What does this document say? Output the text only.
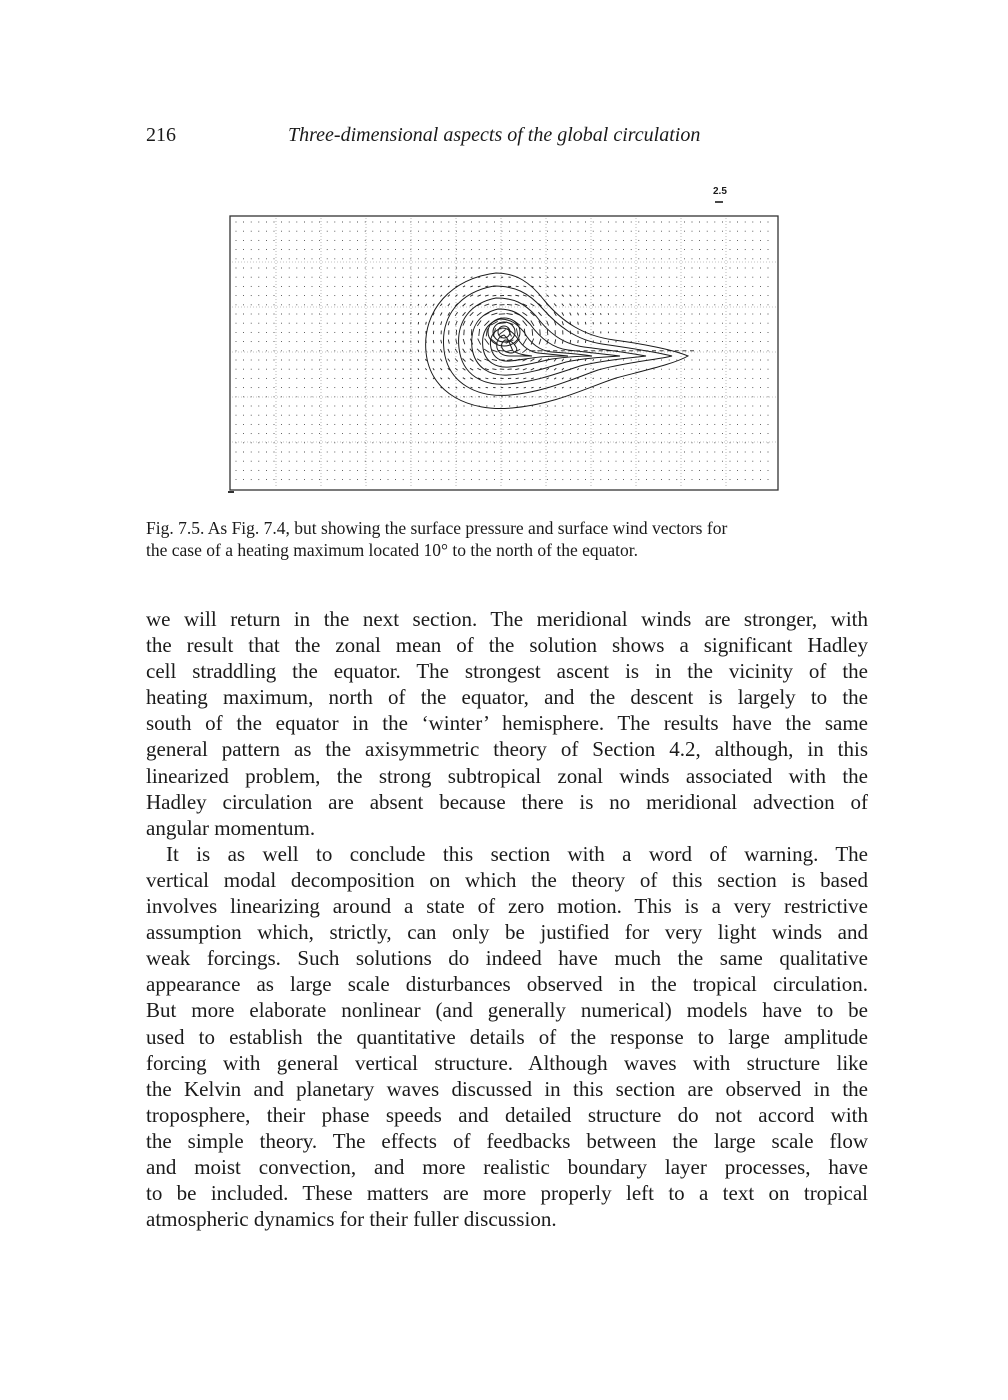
216	Three-dimensional aspects of the global circulation
2.5
Fig. 7.5. As Fig. 7.4, but showing the surface pressure and surface wind vectors for
the case of a heating maximum located 10° to the north of the equator.
we will return in the next section. The meridional winds are stronger, with
the result that the zonal mean of the solution shows a significant Hadley
cell straddling the equator. The strongest ascent is in the vicinity of the
heating maximum, north of the equator, and the descent is largely to the
south of the equator in the ‘winter’ hemisphere. The results have the same
general pattern as the axisymmetric theory of Section 4.2, although, in this
linearized problem, the strong subtropical zonal winds associated with the
Hadley circulation are absent because there is no meridional advection of
angular momentum.
It is as well to conclude this section with a word of warning. The
vertical modal decomposition on which the theory of this section is based
involves linearizing around a state of zero motion. This is a very restrictive
assumption which, strictly, can only be justified for very light winds and
weak forcings. Such solutions do indeed have much the same qualitative
appearance as large scale disturbances observed in the tropical circulation.
But more elaborate nonlinear (and generally numerical) models have to be
used to establish the quantitative details of the response to large amplitude
forcing with general vertical structure. Although waves with structure like
the Kelvin and planetary waves discussed in this section are observed in the
troposphere, their phase speeds and detailed structure do not accord with
the simple theory. The effects of feedbacks between the large scale flow
and moist convection, and more realistic boundary layer processes, have
to be included. These matters are more properly left to a text on tropical
atmospheric dynamics for their fuller discussion.
